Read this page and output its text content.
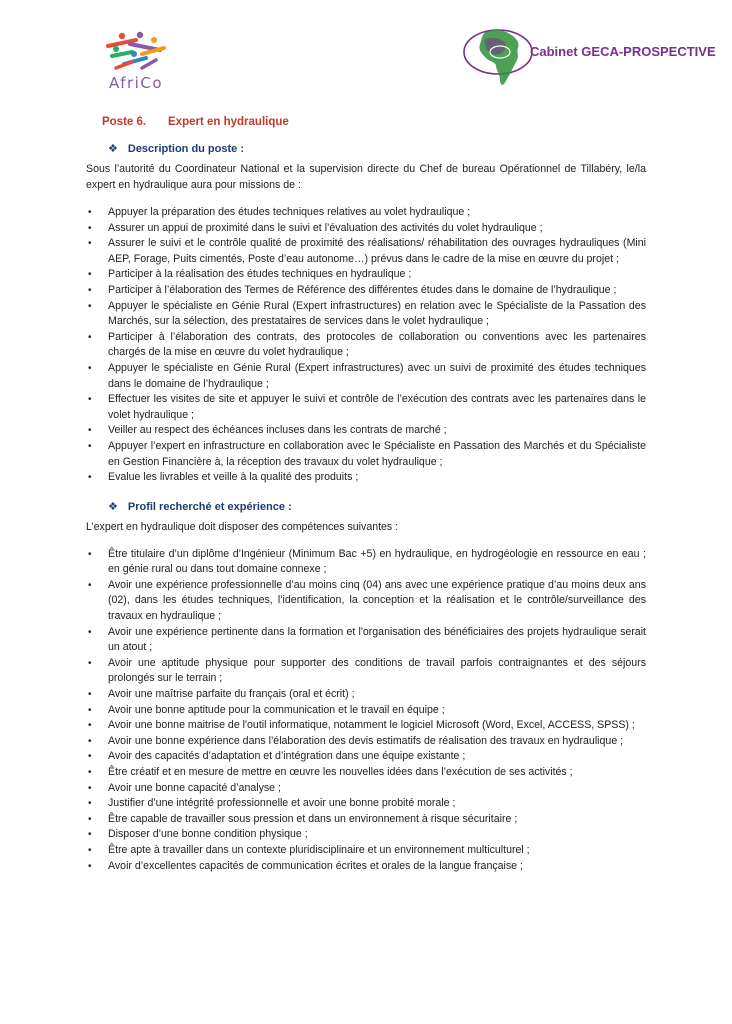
AfriCo
Cabinet GECA-PROSPECTIVE
Poste 6. Expert en hydraulique
❖ Description du poste :

Sous l’autorité du Coordinateur National et la supervision directe du Chef de bureau Opérationnel de Tillabéry, le/la expert en hydraulique aura pour missions de :

• Appuyer la préparation des études techniques relatives au volet hydraulique ;
• Assurer un appui de proximité dans le suivi et l’évaluation des activités du volet hydraulique ;
• Assurer le suivi et le contrôle qualité de proximité des réalisations/ réhabilitation des ouvrages hydrauliques (Mini AEP, Forage, Puits cimentés, Poste d’eau autonome…) prévus dans le cadre de la mise en œuvre du projet ;
• Participer à la réalisation des études techniques en hydraulique ;
• Participer à l’élaboration des Termes de Référence des différentes études dans le domaine de l’hydraulique ;
• Appuyer le spécialiste en Génie Rural (Expert infrastructures) en relation avec le Spécialiste de la Passation des Marchés, sur la sélection, des prestataires de services dans le volet hydraulique ;
• Participer à l’élaboration des contrats, des protocoles de collaboration ou conventions avec les partenaires chargés de la mise en œuvre du volet hydraulique ;
• Appuyer le spécialiste en Génie Rural (Expert infrastructures) avec un suivi de proximité des études techniques dans le domaine de l’hydraulique ;
• Effectuer les visites de site et appuyer le suivi et contrôle de l’exécution des contrats avec les partenaires dans le volet hydraulique ;
• Veiller au respect des échéances incluses dans les contrats de marché ;
• Appuyer l’expert en infrastructure en collaboration avec le Spécialiste en Passation des Marchés et du Spécialiste en Gestion Financière à, la réception des travaux du volet hydraulique ;
• Evalue les livrables et veille à la qualité des produits ;
❖ Profil recherché et expérience :

L’expert en hydraulique doit disposer des compétences suivantes :

• Être titulaire d’un diplôme d’Ingénieur (Minimum Bac +5) en hydraulique, en hydrogéologie en ressource en eau ; en génie rural ou dans tout domaine connexe ;
• Avoir une expérience professionnelle d’au moins cinq (04) ans avec une expérience pratique d’au moins deux ans (02), dans les études techniques, l’identification, la conception et la réalisation et le contrôle/surveillance des travaux en hydraulique ;
• Avoir une expérience pertinente dans la formation et l'organisation des bénéficiaires des projets hydraulique serait un atout ;
• Avoir une aptitude physique pour supporter des conditions de travail parfois contraignantes et des séjours prolongés sur le terrain ;
• Avoir une maîtrise parfaite du français (oral et écrit) ;
• Avoir une bonne aptitude pour la communication et le travail en équipe ;
• Avoir une bonne maitrise de l'outil informatique, notamment le logiciel Microsoft (Word, Excel, ACCESS, SPSS) ;
• Avoir une bonne expérience dans l’élaboration des devis estimatifs de réalisation des travaux en hydraulique ;
• Avoir des capacités d’adaptation et d’intégration dans une équipe existante ;
• Être créatif et en mesure de mettre en œuvre les nouvelles idées dans l’exécution de ses activités ;
• Avoir une bonne capacité d’analyse ;
• Justifier d’une intégrité professionnelle et avoir une bonne probité morale ;
• Être capable de travailler sous pression et dans un environnement à risque sécuritaire ;
• Disposer d’une bonne condition physique ;
• Être apte à travailler dans un contexte pluridisciplinaire et un environnement multiculturel ;
• Avoir d’excellentes capacités de communication écrites et orales de la langue française ;
